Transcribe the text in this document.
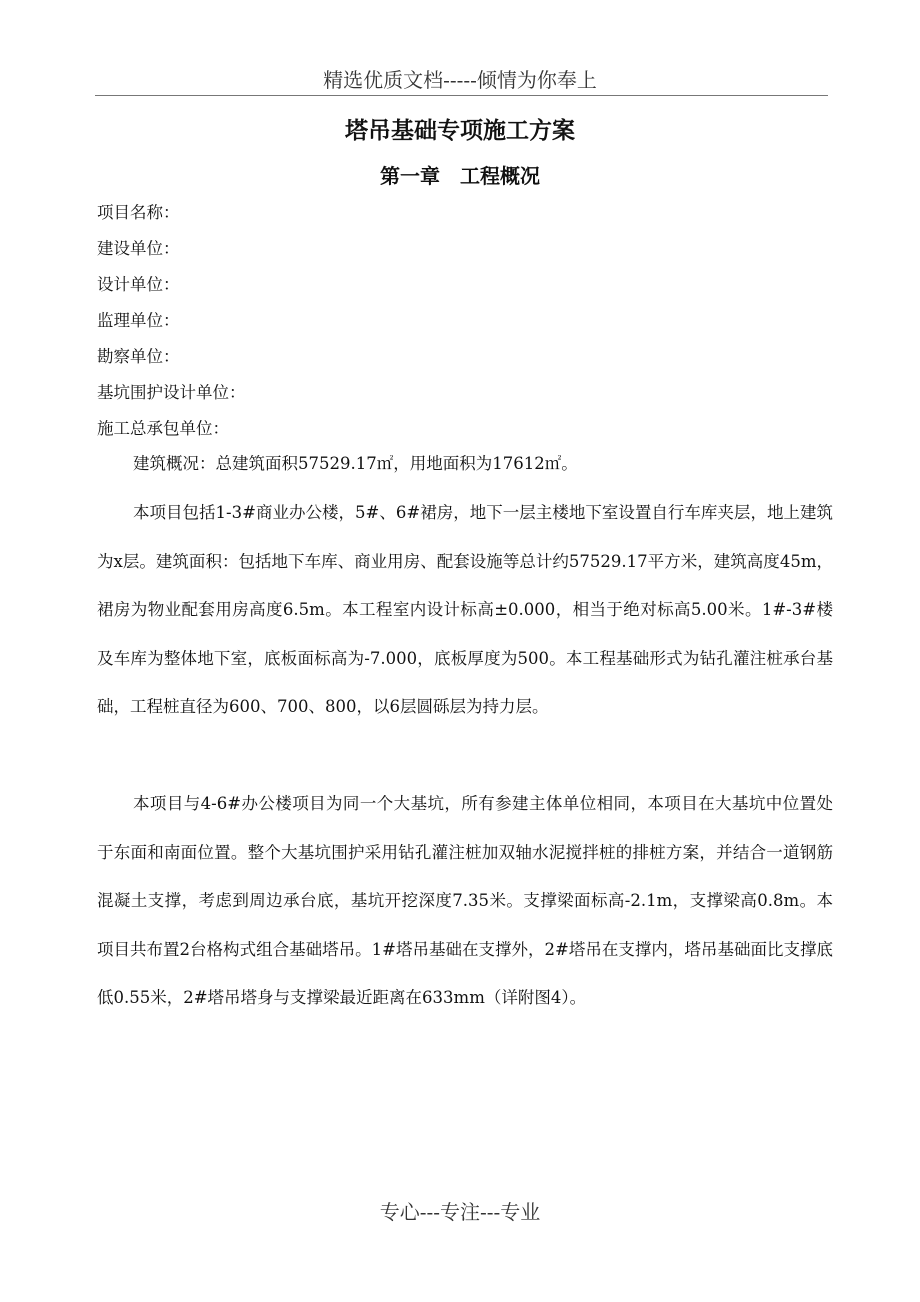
精选优质文档-----倾情为你奉上
塔吊基础专项施工方案
第一章　工程概况
项目名称：
建设单位：
设计单位：
监理单位：
勘察单位：
基坑围护设计单位：
施工总承包单位：

建筑概况：总建筑面积57529.17㎡，用地面积为17612㎡。

本项目包括1-3#商业办公楼，5#、6#裙房，地下一层主楼地下室设置自行车库夹层，地上建筑为x层。建筑面积：包括地下车库、商业用房、配套设施等总计约57529.17平方米，建筑高度45m，裙房为物业配套用房高度6.5m。本工程室内设计标高±0.000，相当于绝对标高5.00米。1#-3#楼及车库为整体地下室，底板面标高为-7.000，底板厚度为500。本工程基础形式为钻孔灌注桩承台基础，工程桩直径为600、700、800，以6层圆砾层为持力层。

本项目与4-6#办公楼项目为同一个大基坑，所有参建主体单位相同，本项目在大基坑中位置处于东面和南面位置。整个大基坑围护采用钻孔灌注桩加双轴水泥搅拌桩的排桩方案，并结合一道钢筋混凝土支撑，考虑到周边承台底，基坑开挖深度7.35米。支撑梁面标高-2.1m，支撑梁高0.8m。本项目共布置2台格构式组合基础塔吊。1#塔吊基础在支撑外，2#塔吊在支撑内，塔吊基础面比支撑底低0.55米，2#塔吊塔身与支撑梁最近距离在633mm（详附图4）。

专心---专注---专业
